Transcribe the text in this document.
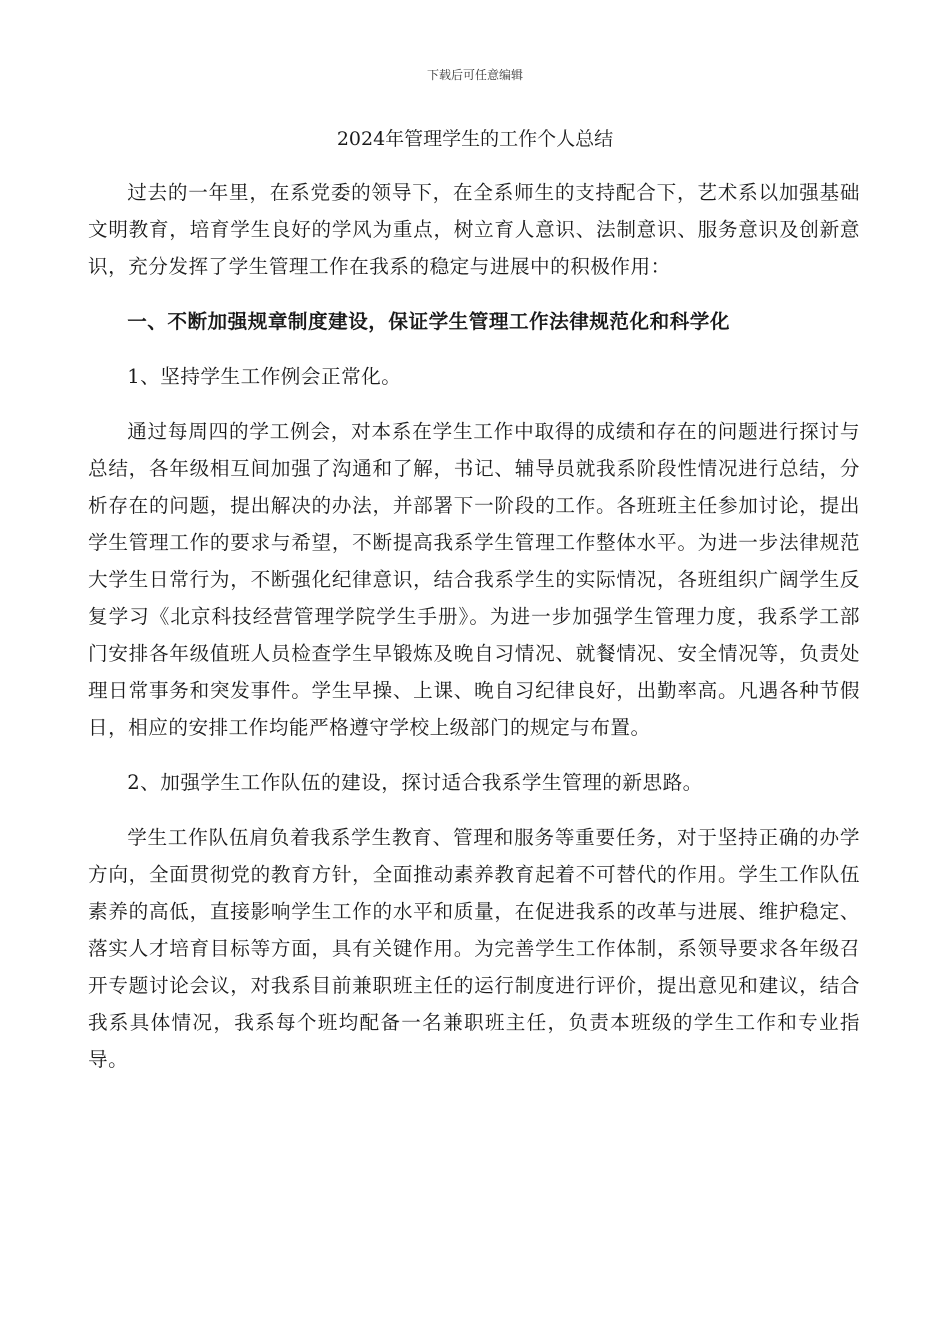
下载后可任意编辑
2024年管理学生的工作个人总结

过去的一年里，在系党委的领导下，在全系师生的支持配合下，艺术系以加强基础文明教育，培育学生良好的学风为重点，树立育人意识、法制意识、服务意识及创新意识，充分发挥了学生管理工作在我系的稳定与进展中的积极作用：

一、不断加强规章制度建设，保证学生管理工作法律规范化和科学化

1、坚持学生工作例会正常化。

通过每周四的学工例会，对本系在学生工作中取得的成绩和存在的问题进行探讨与总结，各年级相互间加强了沟通和了解，书记、辅导员就我系阶段性情况进行总结，分析存在的问题，提出解决的办法，并部署下一阶段的工作。各班班主任参加讨论，提出学生管理工作的要求与希望，不断提高我系学生管理工作整体水平。为进一步法律规范大学生日常行为，不断强化纪律意识，结合我系学生的实际情况，各班组织广阔学生反复学习《北京科技经营管理学院学生手册》。为进一步加强学生管理力度，我系学工部门安排各年级值班人员检查学生早锻炼及晚自习情况、就餐情况、安全情况等，负责处理日常事务和突发事件。学生早操、上课、晚自习纪律良好，出勤率高。凡遇各种节假日，相应的安排工作均能严格遵守学校上级部门的规定与布置。

2、加强学生工作队伍的建设，探讨适合我系学生管理的新思路。

学生工作队伍肩负着我系学生教育、管理和服务等重要任务，对于坚持正确的办学方向，全面贯彻党的教育方针，全面推动素养教育起着不可替代的作用。学生工作队伍素养的高低，直接影响学生工作的水平和质量，在促进我系的改革与进展、维护稳定、落实人才培育目标等方面，具有关键作用。为完善学生工作体制，系领导要求各年级召开专题讨论会议，对我系目前兼职班主任的运行制度进行评价，提出意见和建议，结合我系具体情况，我系每个班均配备一名兼职班主任，负责本班级的学生工作和专业指导。
